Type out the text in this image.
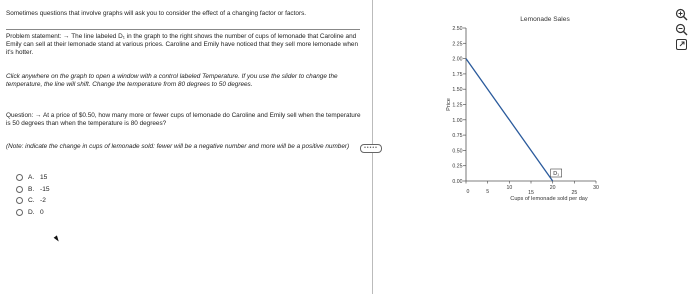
Sometimes questions that involve graphs will ask you to consider the effect of a changing factor or factors.
Problem statement: → The line labeled D₁ in the graph to the right shows the number of cups of lemonade that Caroline and Emily can sell at their lemonade stand at various prices. Caroline and Emily have noticed that they sell more lemonade when it's hotter.
Click anywhere on the graph to open a window with a control labeled Temperature. If you use the slider to change the temperature, the line will shift. Change the temperature from 80 degrees to 50 degrees.
Question: → At a price of $0.50, how many more or fewer cups of lemonade do Caroline and Emily sell when the temperature is 50 degrees than when the temperature is 80 degrees?
(Note: indicate the change in cups of lemonade sold: fewer will be a negative number and more will be a positive number)
A. 15
B. -15
C. -2
D. 0
•••••
Lemonade Sales
0.00
0.25
0.50
0.75
1.00
1.25
1.50
1.75
2.00
2.25
2.50
0	5
10
15
20
25
30
Cups of lemonade sold per day
Price
D₁
